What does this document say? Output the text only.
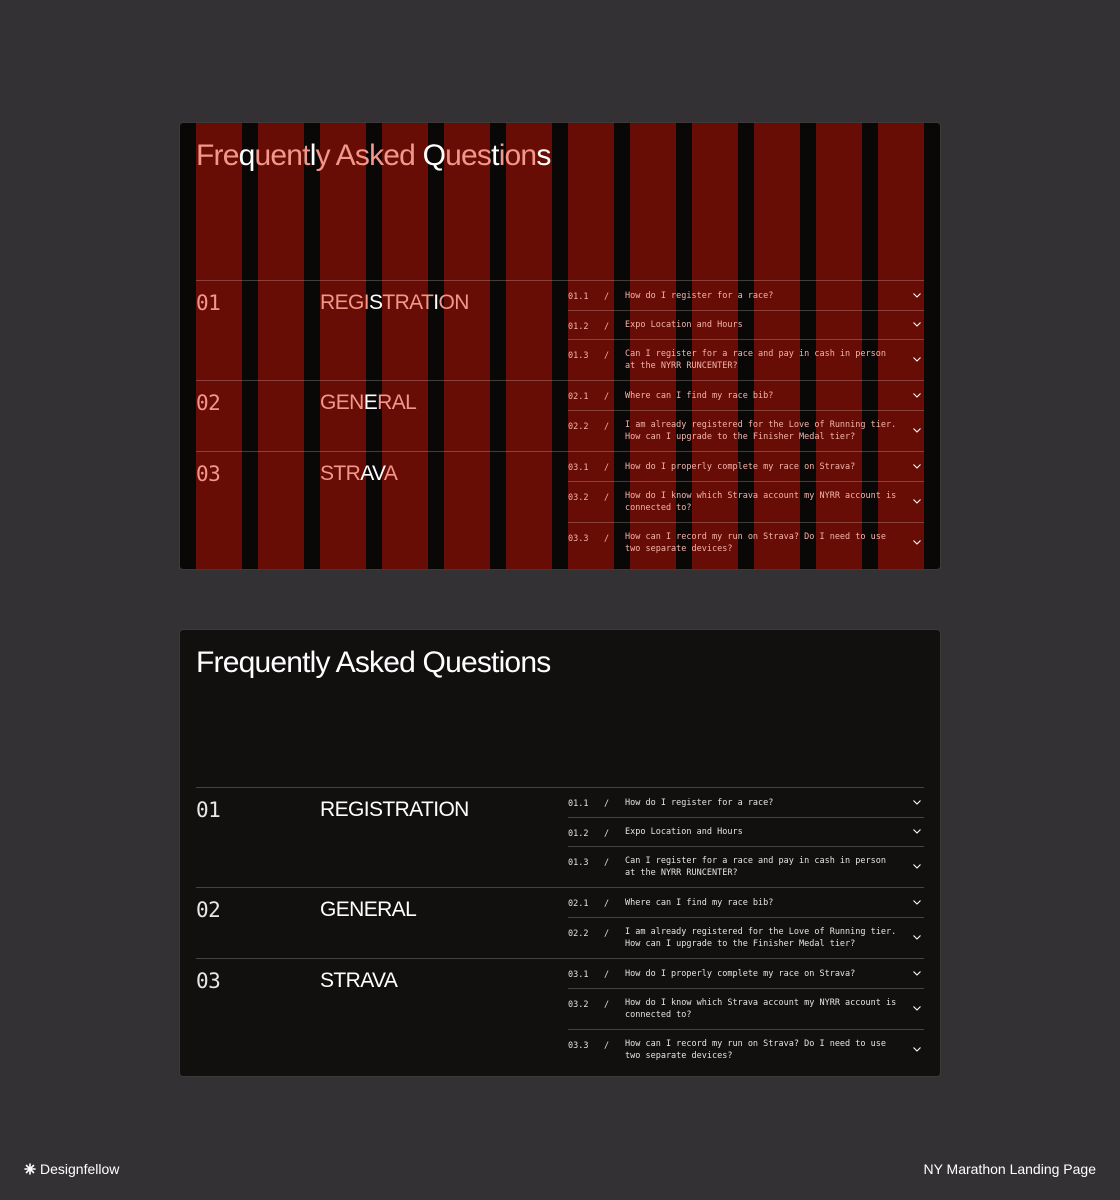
Frequently Asked Questions
01	REGISTRATION	01.1 / How do I register for a race?
01.2 / Expo Location and Hours
01.3 / Can I register for a race and pay in cash in person at the NYRR RUNCENTER?
02	GENERAL	02.1 / Where can I find my race bib?
02.2 / I am already registered for the Love of Running tier. How can I upgrade to the Finisher Medal tier?
03	STRAVA	03.1 / How do I properly complete my race on Strava?
03.2 / How do I know which Strava account my NYRR account is connected to?
03.3 / How can I record my run on Strava? Do I need to use two separate devices?
Frequently Asked Questions
01	REGISTRATION	01.1 / How do I register for a race?
01.2 / Expo Location and Hours
01.3 / Can I register for a race and pay in cash in person at the NYRR RUNCENTER?
02	GENERAL	02.1 / Where can I find my race bib?
02.2 / I am already registered for the Love of Running tier. How can I upgrade to the Finisher Medal tier?
03	STRAVA	03.1 / How do I properly complete my race on Strava?
03.2 / How do I know which Strava account my NYRR account is connected to?
03.3 / How can I record my run on Strava? Do I need to use two separate devices?
Designfellow	NY Marathon Landing Page
